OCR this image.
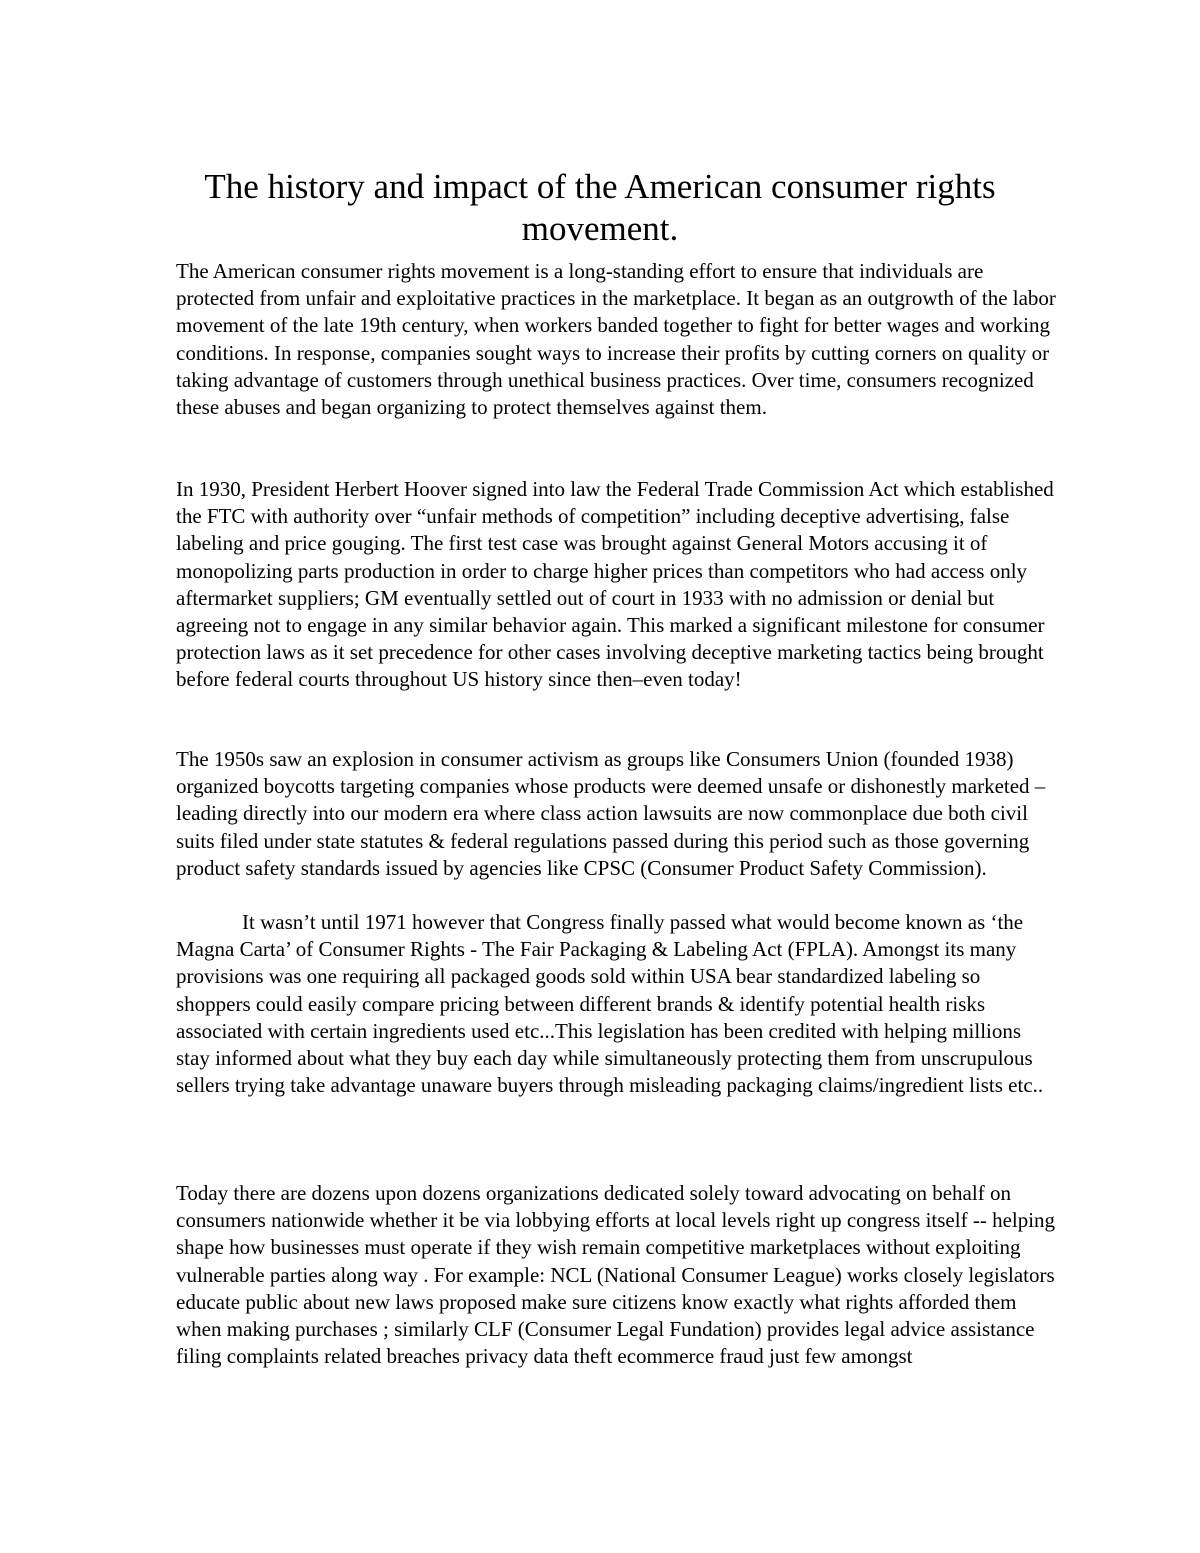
The history and impact of the American consumer rights movement.

The American consumer rights movement is a long-standing effort to ensure that individuals are protected from unfair and exploitative practices in the marketplace. It began as an outgrowth of the labor movement of the late 19th century, when workers banded together to fight for better wages and working conditions. In response, companies sought ways to increase their profits by cutting corners on quality or taking advantage of customers through unethical business practices. Over time, consumers recognized these abuses and began organizing to protect themselves against them.

In 1930, President Herbert Hoover signed into law the Federal Trade Commission Act which established the FTC with authority over “unfair methods of competition” including deceptive advertising, false labeling and price gouging. The first test case was brought against General Motors accusing it of monopolizing parts production in order to charge higher prices than competitors who had access only aftermarket suppliers; GM eventually settled out of court in 1933 with no admission or denial but agreeing not to engage in any similar behavior again. This marked a significant milestone for consumer protection laws as it set precedence for other cases involving deceptive marketing tactics being brought before federal courts throughout US history since then–even today!

The 1950s saw an explosion in consumer activism as groups like Consumers Union (founded 1938) organized boycotts targeting companies whose products were deemed unsafe or dishonestly marketed – leading directly into our modern era where class action lawsuits are now commonplace due both civil suits filed under state statutes & federal regulations passed during this period such as those governing product safety standards issued by agencies like CPSC (Consumer Product Safety Commission).

It wasn’t until 1971 however that Congress finally passed what would become known as ‘the Magna Carta’ of Consumer Rights - The Fair Packaging & Labeling Act (FPLA). Amongst its many provisions was one requiring all packaged goods sold within USA bear standardized labeling so shoppers could easily compare pricing between different brands & identify potential health risks associated with certain ingredients used etc...This legislation has been credited with helping millions stay informed about what they buy each day while simultaneously protecting them from unscrupulous sellers trying take advantage unaware buyers through misleading packaging claims/ingredient lists etc..

Today there are dozens upon dozens organizations dedicated solely toward advocating on behalf on consumers nationwide whether it be via lobbying efforts at local levels right up congress itself -- helping shape how businesses must operate if they wish remain competitive marketplaces without exploiting vulnerable parties along way . For example: NCL (National Consumer League) works closely legislators educate public about new laws proposed make sure citizens know exactly what rights afforded them when making purchases ; similarly CLF (Consumer Legal Fundation) provides legal advice assistance filing complaints related breaches privacy data theft ecommerce fraud just few amongst
